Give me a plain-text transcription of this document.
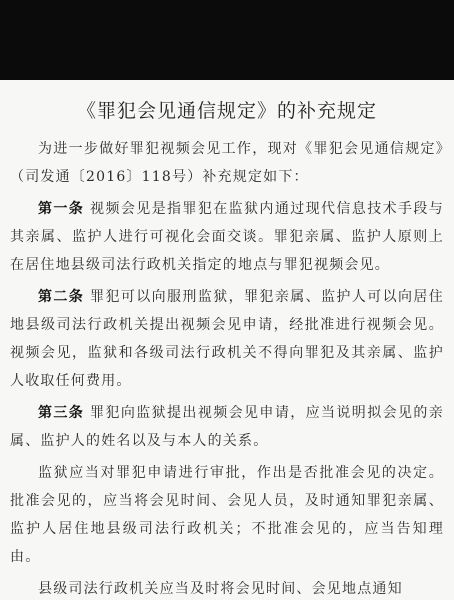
《罪犯会见通信规定》的补充规定

为进一步做好罪犯视频会见工作，现对《罪犯会见通信规定》（司发通〔2016〕118号）补充规定如下：

第一条 视频会见是指罪犯在监狱内通过现代信息技术手段与其亲属、监护人进行可视化会面交谈。罪犯亲属、监护人原则上在居住地县级司法行政机关指定的地点与罪犯视频会见。

第二条 罪犯可以向服刑监狱，罪犯亲属、监护人可以向居住地县级司法行政机关提出视频会见申请，经批准进行视频会见。视频会见，监狱和各级司法行政机关不得向罪犯及其亲属、监护人收取任何费用。

第三条 罪犯向监狱提出视频会见申请，应当说明拟会见的亲属、监护人的姓名以及与本人的关系。

监狱应当对罪犯申请进行审批，作出是否批准会见的决定。批准会见的，应当将会见时间、会见人员，及时通知罪犯亲属、监护人居住地县级司法行政机关；不批准会见的，应当告知理由。

县级司法行政机关应当及时将会见时间、会见地点通知
